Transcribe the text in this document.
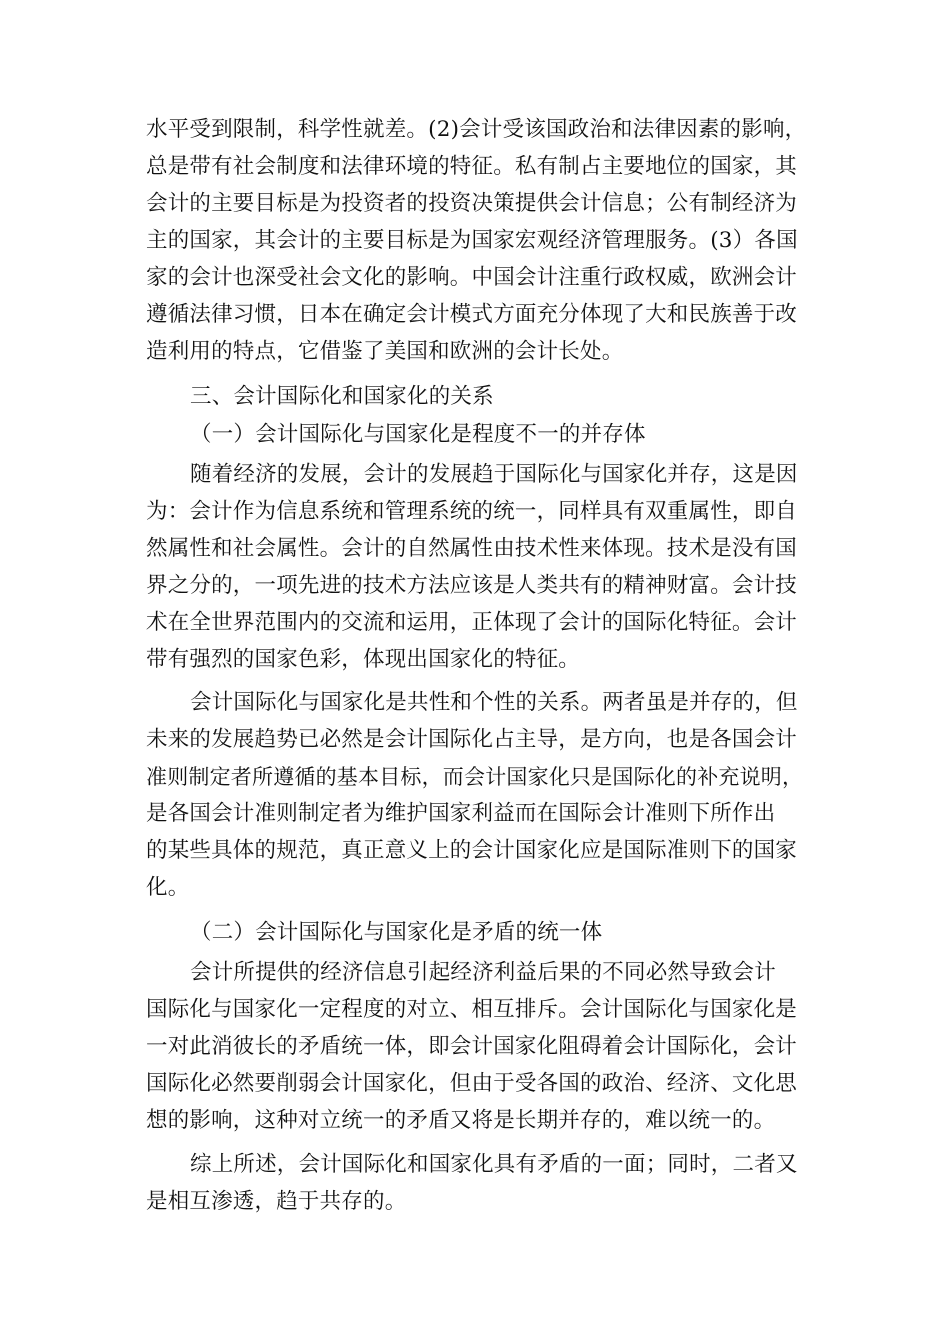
水平受到限制，科学性就差。(2)会计受该国政治和法律因素的影响，

总是带有社会制度和法律环境的特征。私有制占主要地位的国家，其

会计的主要目标是为投资者的投资决策提供会计信息；公有制经济为

主的国家，其会计的主要目标是为国家宏观经济管理服务。(3）各国

家的会计也深受社会文化的影响。中国会计注重行政权威，欧洲会计

遵循法律习惯，日本在确定会计模式方面充分体现了大和民族善于改

造利用的特点，它借鉴了美国和欧洲的会计长处。

三、会计国际化和国家化的关系

（一）会计国际化与国家化是程度不一的并存体

随着经济的发展，会计的发展趋于国际化与国家化并存，这是因

为：会计作为信息系统和管理系统的统一，同样具有双重属性，即自

然属性和社会属性。会计的自然属性由技术性来体现。技术是没有国

界之分的，一项先进的技术方法应该是人类共有的精神财富。会计技

术在全世界范围内的交流和运用，正体现了会计的国际化特征。会计

带有强烈的国家色彩，体现出国家化的特征。

会计国际化与国家化是共性和个性的关系。两者虽是并存的，但

未来的发展趋势已必然是会计国际化占主导，是方向，也是各国会计

准则制定者所遵循的基本目标，而会计国家化只是国际化的补充说明，

是各国会计准则制定者为维护国家利益而在国际会计准则下所作出

的某些具体的规范，真正意义上的会计国家化应是国际准则下的国家

化。

（二）会计国际化与国家化是矛盾的统一体

会计所提供的经济信息引起经济利益后果的不同必然导致会计

国际化与国家化一定程度的对立、相互排斥。会计国际化与国家化是

一对此消彼长的矛盾统一体，即会计国家化阻碍着会计国际化，会计

国际化必然要削弱会计国家化，但由于受各国的政治、经济、文化思

想的影响，这种对立统一的矛盾又将是长期并存的，难以统一的。

综上所述，会计国际化和国家化具有矛盾的一面；同时，二者又

是相互渗透，趋于共存的。
